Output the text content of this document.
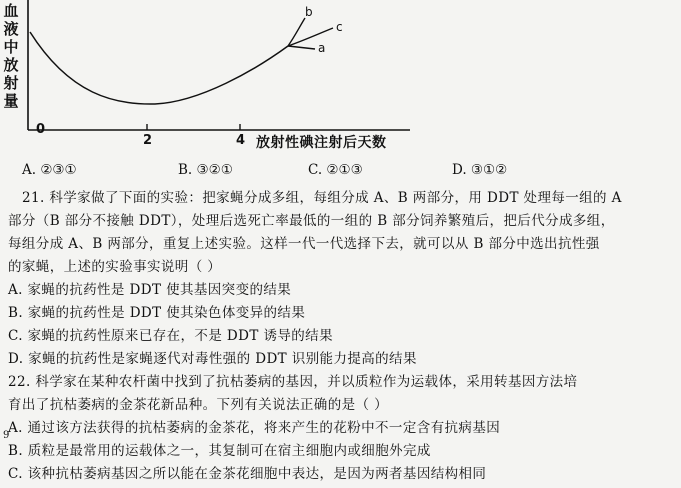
血
液
中
放
射
量
0
2	4 放射性碘注射后天数
a
b
c
A. ②③①	B. ③②①	C. ②①③	D. ③①②
21. 科学家做了下面的实验：把家蝇分成多组，每组分成 A、B 两部分，用 DDT 处理每一组的 A
部分（B 部分不接触 DDT），处理后选死亡率最低的一组的 B 部分饲养繁殖后，把后代分成多组，
每组分成 A、B 两部分，重复上述实验。这样一代一代选择下去，就可以从 B 部分中选出抗性强
的家蝇，上述的实验事实说明（ ）
A. 家蝇的抗药性是 DDT 使其基因突变的结果
B. 家蝇的抗药性是 DDT 使其染色体变异的结果
C. 家蝇的抗药性原来已存在，不是 DDT 诱导的结果
D. 家蝇的抗药性是家蝇逐代对毒性强的 DDT 识别能力提高的结果
22. 科学家在某种农杆菌中找到了抗枯萎病的基因，并以质粒作为运载体，采用转基因方法培
育出了抗枯萎病的金茶花新品种。下列有关说法正确的是（ ）
A. 通过该方法获得的抗枯萎病的金茶花，将来产生的花粉中不一定含有抗病基因
B. 质粒是最常用的运载体之一，其复制可在宿主细胞内或细胞外完成
C. 该种抗枯萎病基因之所以能在金茶花细胞中表达，是因为两者基因结构相同
9
